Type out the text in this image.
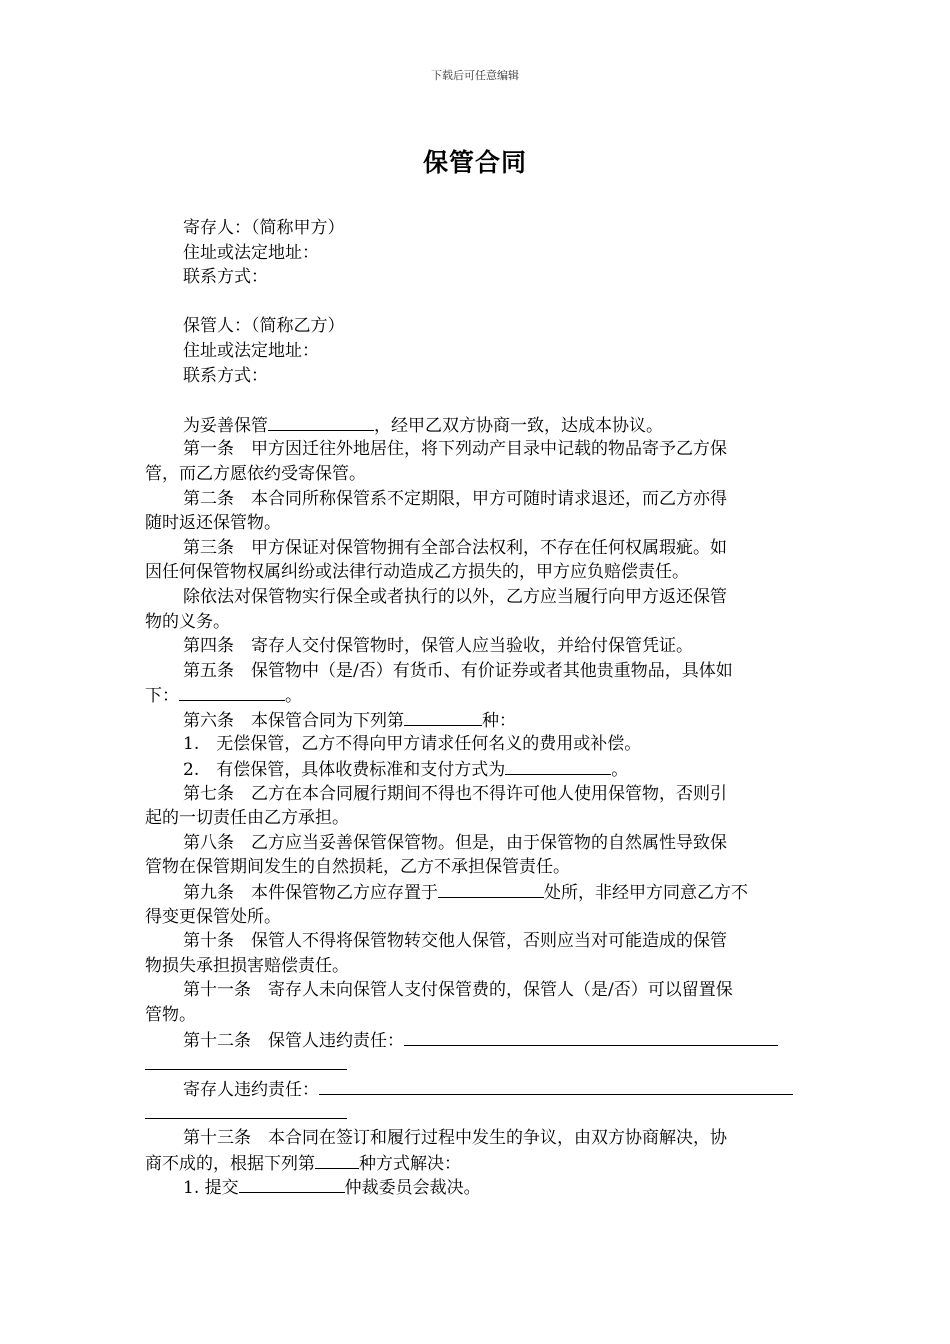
下载后可任意编辑
保管合同
寄存人：（简称甲方）
住址或法定地址：
联系方式：
保管人：（简称乙方）
住址或法定地址：
联系方式：
为妥善保管	，经甲乙双方协商一致，达成本协议。
第一条　甲方因迁往外地居住，将下列动产目录中记载的物品寄予乙方保
管，而乙方愿依约受寄保管。
第二条　本合同所称保管系不定期限，甲方可随时请求退还，而乙方亦得
随时返还保管物。
第三条　甲方保证对保管物拥有全部合法权利，不存在任何权属瑕疵。如
因任何保管物权属纠纷或法律行动造成乙方损失的，甲方应负赔偿责任。
除依法对保管物实行保全或者执行的以外，乙方应当履行向甲方返还保管
物的义务。
第四条　寄存人交付保管物时，保管人应当验收，并给付保管凭证。
第五条　保管物中（是/否）有货币、有价证券或者其他贵重物品，具体如
下：	。
第六条　本保管合同为下列第	种：
1.　无偿保管，乙方不得向甲方请求任何名义的费用或补偿。
2.　有偿保管，具体收费标准和支付方式为	。
第七条　乙方在本合同履行期间不得也不得许可他人使用保管物，否则引
起的一切责任由乙方承担。
第八条　乙方应当妥善保管保管物。但是，由于保管物的自然属性导致保
管物在保管期间发生的自然损耗，乙方不承担保管责任。
第九条　本件保管物乙方应存置于	处所，非经甲方同意乙方不
得变更保管处所。
第十条　保管人不得将保管物转交他人保管，否则应当对可能造成的保管
物损失承担损害赔偿责任。
第十一条　寄存人未向保管人支付保管费的，保管人（是/否）可以留置保
管物。
第十二条　保管人违约责任：
寄存人违约责任：
第十三条　本合同在签订和履行过程中发生的争议，由双方协商解决，协
商不成的，根据下列第	种方式解决：
1. 提交	仲裁委员会裁决。
